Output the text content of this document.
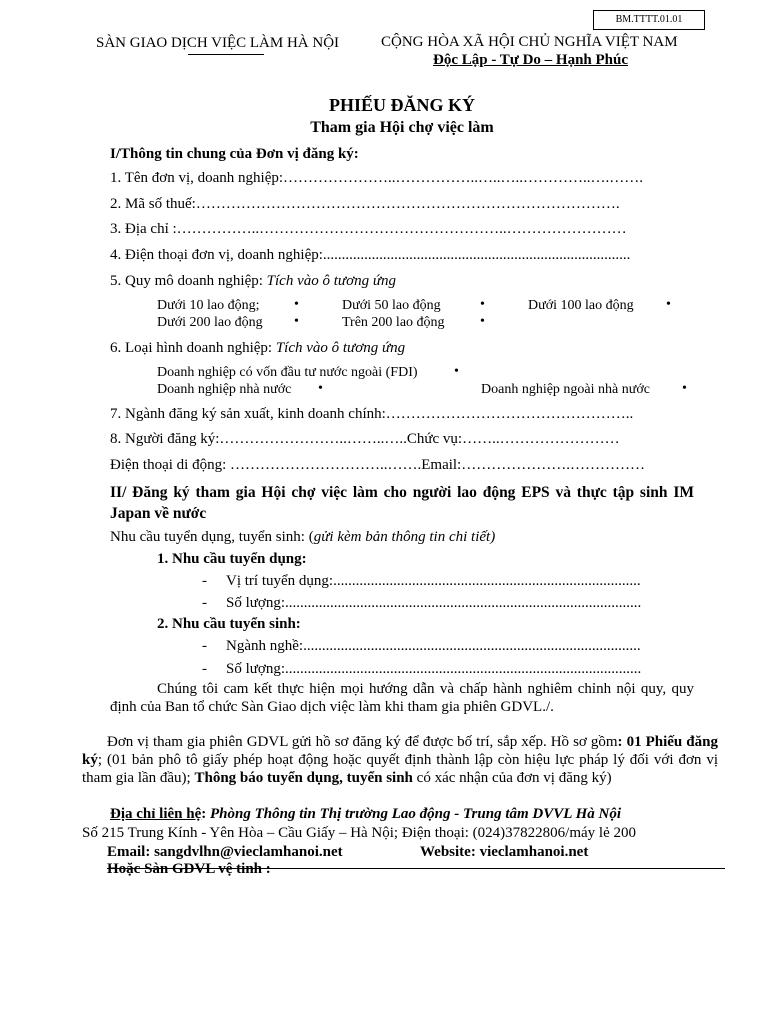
BM.TTTT.01.01
SÀN GIAO DỊCH VIỆC LÀM HÀ NỘI	CỘNG HÒA XÃ HỘI CHỦ NGHĨA VIỆT NAM
Độc Lập - Tự Do – Hạnh Phúc
PHIẾU ĐĂNG KÝ
Tham gia Hội chợ việc làm
I/Thông tin chung của Đơn vị đăng ký:
1. Tên đơn vị, doanh nghiệp:…………………..……………..…..…..…………..….…….
2. Mã số thuế:………………………………………………………………………….
3. Địa chỉ :……………..…………………………………………..……………………
4. Điện thoại đơn vị, doanh nghiệp:..................................................................................
5. Quy mô doanh nghiệp: Tích vào ô tương ứng
Dưới 10 lao động; •	Dưới 50 lao động	•	Dưới 100 lao động •
Dưới 200 lao động •	Trên 200 lao động	•
6. Loại hình doanh nghiệp: Tích vào ô tương ứng
Doanh nghiệp có vốn đầu tư nước ngoài (FDI)	•
Doanh nghiệp nhà nước •	Doanh nghiệp ngoài nhà nước •
7. Ngành đăng ký sản xuất, kinh doanh chính:…………………………………………..
8. Người đăng ký:……………………..……..…..Chức vụ:……..……………………
Điện thoại di động: …………………………..…….Email:………………….……………
II/ Đăng ký tham gia Hội chợ việc làm cho người lao động EPS và thực tập sinh IM Japan về nước
Nhu cầu tuyển dụng, tuyển sinh: (gửi kèm bản thông tin chi tiết)
1. Nhu cầu tuyển dụng:
- Vị trí tuyển dụng:..................................................................................
- Số lượng:...............................................................................................
2. Nhu cầu tuyển sinh:
- Ngành nghề:..........................................................................................
- Số lượng:...............................................................................................
Chúng tôi cam kết thực hiện mọi hướng dẫn và chấp hành nghiêm chỉnh nội quy, quy định của Ban tổ chức Sàn Giao dịch việc làm khi tham gia phiên GDVL./.
Đơn vị tham gia phiên GDVL gửi hồ sơ đăng ký để được bố trí, sắp xếp. Hồ sơ gồm: 01 Phiếu đăng ký; (01 bản phô tô giấy phép hoạt động hoặc quyết định thành lập còn hiệu lực pháp lý đối với đơn vị tham gia lần đầu); Thông báo tuyển dụng, tuyển sinh có xác nhận của đơn vị đăng ký)
Địa chỉ liên hệ: Phòng Thông tin Thị trường Lao động - Trung tâm DVVL Hà Nội
Số 215 Trung Kính - Yên Hòa – Cầu Giấy – Hà Nội; Điện thoại: (024)37822806/máy lẻ 200
Email: sangdvlhn@vieclamhanoi.net	Website: vieclamhanoi.net
Hoặc Sàn GDVL vệ tinh :
